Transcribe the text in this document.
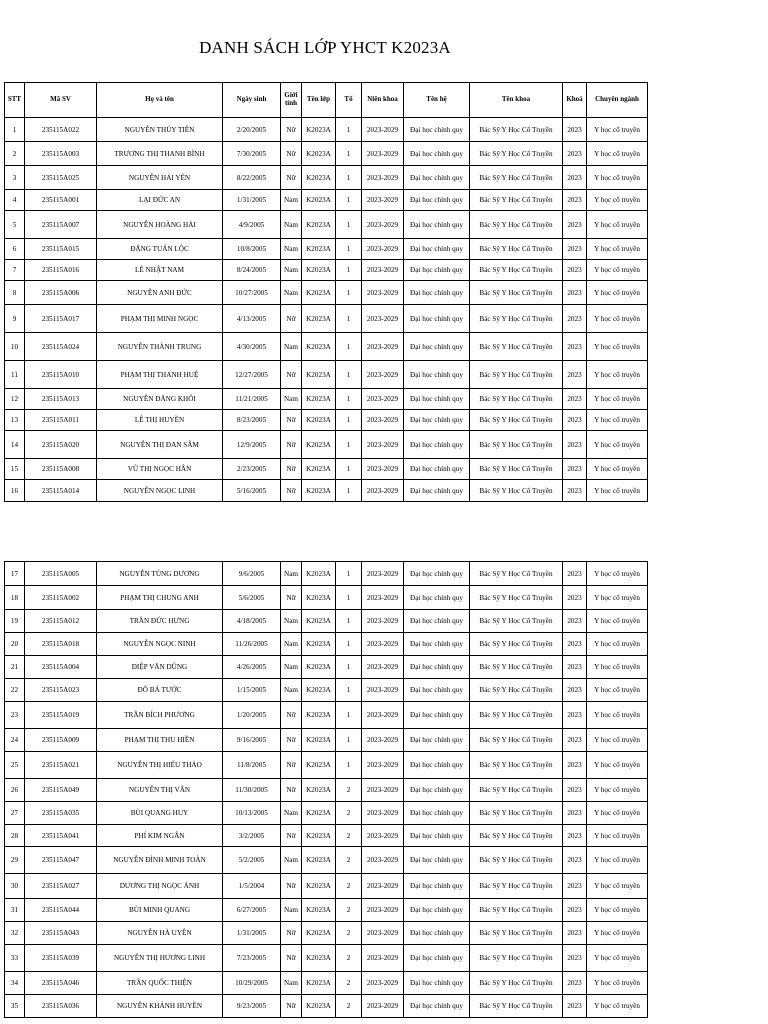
DANH SÁCH LỚP YHCT K2023A
STT	Mã SV	Họ và tên	Ngày sinh	Giới tính	Tên lớp	Tổ	Niên khoa	Tên hệ	Tên khoa	Khoá	Chuyên ngành
1	235115A022	NGUYỄN THÚY TIÊN	2/20/2005	Nữ	K2023A	1	2023-2029	Đại học chính quy	Bác Sỹ Y Học Cổ Truyền	2023	Y học cổ truyền
2	235115A003	TRƯƠNG THỊ THANH BÌNH	7/30/2005	Nữ	K2023A	1	2023-2029	Đại học chính quy	Bác Sỹ Y Học Cổ Truyền	2023	Y học cổ truyền
3	235115A025	NGUYỄN HẢI YẾN	8/22/2005	Nữ	K2023A	1	2023-2029	Đại học chính quy	Bác Sỹ Y Học Cổ Truyền	2023	Y học cổ truyền
4	235115A001	LẠI ĐỨC AN	1/31/2005	Nam	K2023A	1	2023-2029	Đại học chính quy	Bác Sỹ Y Học Cổ Truyền	2023	Y học cổ truyền
5	235115A007	NGUYỄN HOÀNG HẢI	4/9/2005	Nam	K2023A	1	2023-2029	Đại học chính quy	Bác Sỹ Y Học Cổ Truyền	2023	Y học cổ truyền
6	235115A015	ĐẶNG TUẤN LỘC	10/8/2005	Nam	K2023A	1	2023-2029	Đại học chính quy	Bác Sỹ Y Học Cổ Truyền	2023	Y học cổ truyền
7	235115A016	LÊ NHẬT NAM	8/24/2005	Nam	K2023A	1	2023-2029	Đại học chính quy	Bác Sỹ Y Học Cổ Truyền	2023	Y học cổ truyền
8	235115A006	NGUYỄN ANH ĐỨC	10/27/2005	Nam	K2023A	1	2023-2029	Đại học chính quy	Bác Sỹ Y Học Cổ Truyền	2023	Y học cổ truyền
9	235115A017	PHẠM THỊ MINH NGỌC	4/13/2005	Nữ	K2023A	1	2023-2029	Đại học chính quy	Bác Sỹ Y Học Cổ Truyền	2023	Y học cổ truyền
10	235115A024	NGUYỄN THÀNH TRUNG	4/30/2005	Nam	K2023A	1	2023-2029	Đại học chính quy	Bác Sỹ Y Học Cổ Truyền	2023	Y học cổ truyền
11	235115A010	PHẠM THỊ THANH HUỆ	12/27/2005	Nữ	K2023A	1	2023-2029	Đại học chính quy	Bác Sỹ Y Học Cổ Truyền	2023	Y học cổ truyền
12	235115A013	NGUYỄN ĐĂNG KHÔI	11/21/2005	Nam	K2023A	1	2023-2029	Đại học chính quy	Bác Sỹ Y Học Cổ Truyền	2023	Y học cổ truyền
13	235115A011	LÊ THỊ HUYỀN	8/23/2005	Nữ	K2023A	1	2023-2029	Đại học chính quy	Bác Sỹ Y Học Cổ Truyền	2023	Y học cổ truyền
14	235115A020	NGUYỄN THỊ ĐAN SÂM	12/9/2005	Nữ	K2023A	1	2023-2029	Đại học chính quy	Bác Sỹ Y Học Cổ Truyền	2023	Y học cổ truyền
15	235115A008	VŨ THỊ NGỌC HÂN	2/23/2005	Nữ	K2023A	1	2023-2029	Đại học chính quy	Bác Sỹ Y Học Cổ Truyền	2023	Y học cổ truyền
16	235115A014	NGUYỄN NGỌC LINH	5/16/2005	Nữ	K2023A	1	2023-2029	Đại học chính quy	Bác Sỹ Y Học Cổ Truyền	2023	Y học cổ truyền
17	235115A005	NGUYỄN TÙNG DƯƠNG	9/6/2005	Nam	K2023A	1	2023-2029	Đại học chính quy	Bác Sỹ Y Học Cổ Truyền	2023	Y học cổ truyền
18	235115A002	PHẠM THỊ CHUNG ANH	5/6/2005	Nữ	K2023A	1	2023-2029	Đại học chính quy	Bác Sỹ Y Học Cổ Truyền	2023	Y học cổ truyền
19	235115A012	TRẦN ĐỨC HƯNG	4/18/2005	Nam	K2023A	1	2023-2029	Đại học chính quy	Bác Sỹ Y Học Cổ Truyền	2023	Y học cổ truyền
20	235115A018	NGUYỄN NGỌC NINH	11/26/2005	Nam	K2023A	1	2023-2029	Đại học chính quy	Bác Sỹ Y Học Cổ Truyền	2023	Y học cổ truyền
21	235115A004	ĐIỆP VĂN DŨNG	4/26/2005	Nam	K2023A	1	2023-2029	Đại học chính quy	Bác Sỹ Y Học Cổ Truyền	2023	Y học cổ truyền
22	235115A023	ĐỖ BÁ TƯỚC	1/15/2005	Nam	K2023A	1	2023-2029	Đại học chính quy	Bác Sỹ Y Học Cổ Truyền	2023	Y học cổ truyền
23	235115A019	TRẦN BÍCH PHƯƠNG	1/20/2005	Nữ	K2023A	1	2023-2029	Đại học chính quy	Bác Sỹ Y Học Cổ Truyền	2023	Y học cổ truyền
24	235115A009	PHẠM THỊ THU HIỀN	9/16/2005	Nữ	K2023A	1	2023-2029	Đại học chính quy	Bác Sỹ Y Học Cổ Truyền	2023	Y học cổ truyền
25	235115A021	NGUYỄN THỊ HIẾU THẢO	11/8/2005	Nữ	K2023A	1	2023-2029	Đại học chính quy	Bác Sỹ Y Học Cổ Truyền	2023	Y học cổ truyền
26	235115A049	NGUYỄN THỊ VÂN	11/30/2005	Nữ	K2023A	2	2023-2029	Đại học chính quy	Bác Sỹ Y Học Cổ Truyền	2023	Y học cổ truyền
27	235115A035	BÙI QUANG HUY	10/13/2005	Nam	K2023A	2	2023-2029	Đại học chính quy	Bác Sỹ Y Học Cổ Truyền	2023	Y học cổ truyền
28	235115A041	PHÍ KIM NGÂN	3/2/2005	Nữ	K2023A	2	2023-2029	Đại học chính quy	Bác Sỹ Y Học Cổ Truyền	2023	Y học cổ truyền
29	235115A047	NGUYỄN ĐÌNH MINH TOÀN	5/2/2005	Nam	K2023A	2	2023-2029	Đại học chính quy	Bác Sỹ Y Học Cổ Truyền	2023	Y học cổ truyền
30	235115A027	DƯƠNG THỊ NGỌC ÁNH	1/5/2004	Nữ	K2023A	2	2023-2029	Đại học chính quy	Bác Sỹ Y Học Cổ Truyền	2023	Y học cổ truyền
31	235115A044	BÙI MINH QUANG	6/27/2005	Nam	K2023A	2	2023-2029	Đại học chính quy	Bác Sỹ Y Học Cổ Truyền	2023	Y học cổ truyền
32	235115A043	NGUYỄN HÀ UYÊN	1/31/2005	Nữ	K2023A	2	2023-2029	Đại học chính quy	Bác Sỹ Y Học Cổ Truyền	2023	Y học cổ truyền
33	235115A039	NGUYỄN THỊ HƯƠNG LINH	7/23/2005	Nữ	K2023A	2	2023-2029	Đại học chính quy	Bác Sỹ Y Học Cổ Truyền	2023	Y học cổ truyền
34	235115A046	TRẦN QUỐC THIỆN	10/29/2005	Nam	K2023A	2	2023-2029	Đại học chính quy	Bác Sỹ Y Học Cổ Truyền	2023	Y học cổ truyền
35	235115A036	NGUYỄN KHÁNH HUYỀN	9/23/2005	Nữ	K2023A	2	2023-2029	Đại học chính quy	Bác Sỹ Y Học Cổ Truyền	2023	Y học cổ truyền
